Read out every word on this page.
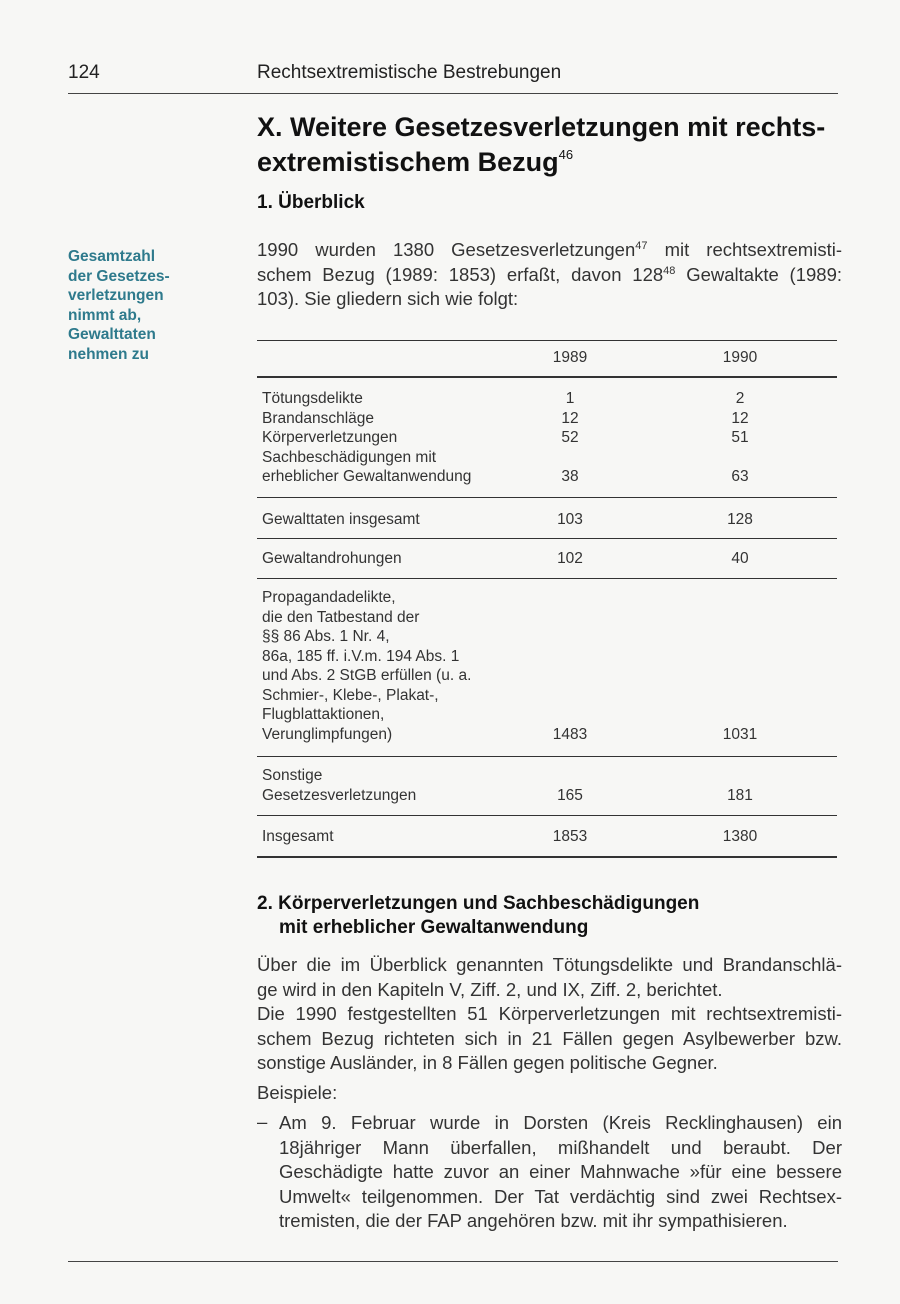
124	Rechtsextremistische Bestrebungen
X. Weitere Gesetzesverletzungen mit rechts-
extremistischem Bezug$^{46}$
1. Überblick
Gesamtzahl
der Gesetzes-
verletzungen
nimmt ab,
Gewalttaten
nehmen zu

1990 wurden 1380 Gesetzesverletzungen$^{47}$ mit rechtsextremisti-
schem Bezug (1989: 1853) erfaßt, davon $128^{48}$ Gewaltakte (1989:
103). Sie gliedern sich wie folgt:

1989	1990
Tötungsdelikte	1	2
Brandanschläge	12	12
Körperverletzungen	52	51
Sachbeschädigungen mit
erheblicher Gewaltanwendung	38	63
Gewalttaten insgesamt	103	128
Gewaltandrohungen	102	40
Propagandadelikte,
die den Tatbestand der
§§ 86 Abs. 1 Nr. 4,
86a, 185 ff. i.V.m. 194 Abs. 1
und Abs. 2 StGB erfüllen (u. a.
Schmier-, Klebe-, Plakat-,
Flugblattaktionen,
Verunglimpfungen)	1483	1031
Sonstige
Gesetzesverletzungen	165	181
Insgesamt	1853	1380
2. Körperverletzungen und Sachbeschädigungen
mit erheblicher Gewaltanwendung

Über die im Überblick genannten Tötungsdelikte und Brandanschlä-
ge wird in den Kapiteln V, Ziff. 2, und IX, Ziff. 2, berichtet.
Die 1990 festgestellten 51 Körperverletzungen mit rechtsextremisti-
schem Bezug richteten sich in 21 Fällen gegen Asylbewerber bzw.
sonstige Ausländer, in 8 Fällen gegen politische Gegner.

Beispiele:

– Am 9. Februar wurde in Dorsten (Kreis Recklinghausen) ein
18jähriger Mann überfallen, mißhandelt und beraubt. Der
Geschädigte hatte zuvor an einer Mahnwache »für eine bessere
Umwelt« teilgenommen. Der Tat verdächtig sind zwei Rechtsex-
tremisten, die der FAP angehören bzw. mit ihr sympathisieren.
